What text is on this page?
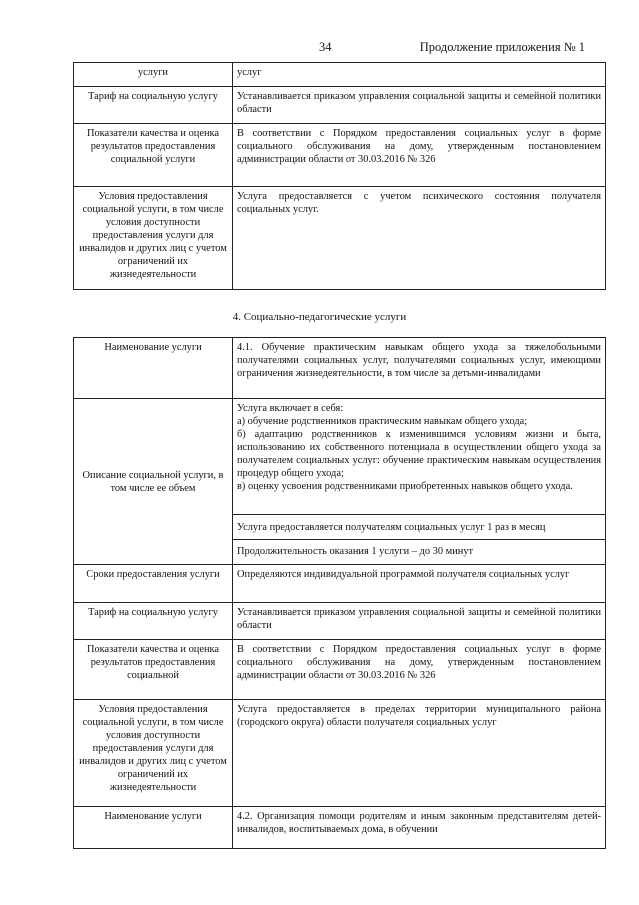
34	Продолжение приложения № 1
услуги	услуг
Тариф на социальную услугу	Устанавливается приказом управления социальной защиты и семейной политики области
Показатели качества и оценка результатов предоставления социальной услуги	В соответствии с Порядком предоставления социальных услуг в форме социального обслуживания на дому, утвержденным постановлением администрации области от 30.03.2016 № 326
Условия предоставления социальной услуги, в том числе условия доступности предоставления услуги для инвалидов и других лиц с учетом ограничений их жизнедеятельности	Услуга предоставляется с учетом психического состояния получателя социальных услуг.
4. Социально-педагогические услуги
Наименование услуги	4.1. Обучение практическим навыкам общего ухода за тяжелобольными получателями социальных услуг, получателями социальных услуг, имеющими ограничения жизнедеятельности, в том числе за детьми-инвалидами
Описание социальной услуги, в том числе ее объем	Услуга включает в себя:
а) обучение родственников практическим навыкам общего ухода;
б) адаптацию родственников к изменившимся условиям жизни и быта, использованию их собственного потенциала в осуществлении общего ухода за получателем социальных услуг: обучение практическим навыкам осуществления процедур общего ухода;
в) оценку усвоения родственниками приобретенных навыков общего ухода.

	Услуга предоставляется получателям социальных услуг 1 раз в месяц
	Продолжительность оказания 1 услуги – до 30 минут
Сроки предоставления услуги	Определяются индивидуальной программой получателя социальных услуг
Тариф на социальную услугу	Устанавливается приказом управления социальной защиты и семейной политики области
Показатели качества и оценка результатов предоставления социальной	В соответствии с Порядком предоставления социальных услуг в форме социального обслуживания на дому, утвержденным постановлением администрации области от 30.03.2016 № 326
Условия предоставления социальной услуги, в том числе условия доступности предоставления услуги для инвалидов и других лиц с учетом ограничений их жизнедеятельности	Услуга предоставляется в пределах территории муниципального района (городского округа) области получателя социальных услуг
Наименование услуги	4.2. Организация помощи родителям и иным законным представителям детей-инвалидов, воспитываемых дома, в обучении
